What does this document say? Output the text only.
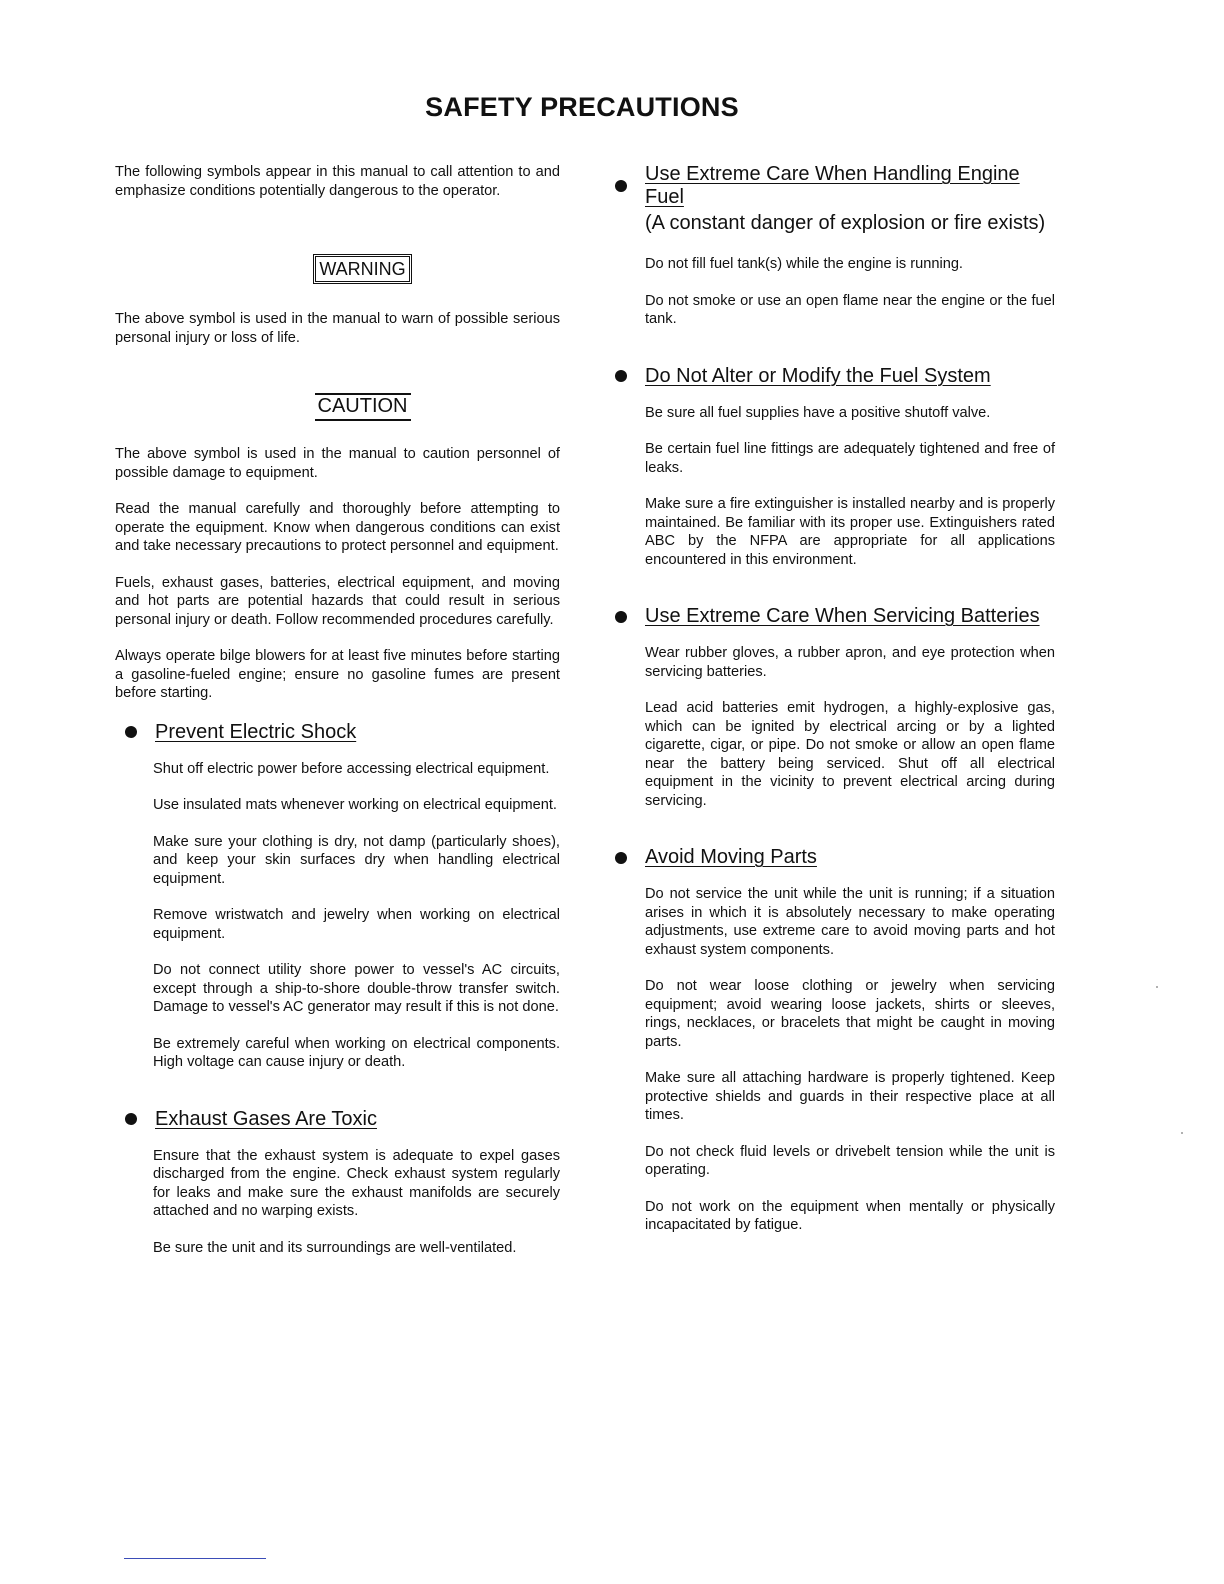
SAFETY PRECAUTIONS

The following symbols appear in this manual to call attention to and emphasize conditions potentially dangerous to the operator.

WARNING

The above symbol is used in the manual to warn of possible serious personal injury or loss of life.

CAUTION

The above symbol is used in the manual to caution personnel of possible damage to equipment.

Read the manual carefully and thoroughly before attempting to operate the equipment. Know when dangerous conditions can exist and take necessary precautions to protect personnel and equipment.

Fuels, exhaust gases, batteries, electrical equipment, and moving and hot parts are potential hazards that could result in serious personal injury or death. Follow recommended procedures carefully.

Always operate bilge blowers for at least five minutes before starting a gasoline-fueled engine; ensure no gasoline fumes are present before starting.

Prevent Electric Shock

Shut off electric power before accessing electrical equipment.

Use insulated mats whenever working on electrical equipment.

Make sure your clothing is dry, not damp (particularly shoes), and keep your skin surfaces dry when handling electrical equipment.

Remove wristwatch and jewelry when working on electrical equipment.

Do not connect utility shore power to vessel's AC circuits, except through a ship-to-shore double-throw transfer switch. Damage to vessel's AC generator may result if this is not done.

Be extremely careful when working on electrical components. High voltage can cause injury or death.

Exhaust Gases Are Toxic

Ensure that the exhaust system is adequate to expel gases discharged from the engine. Check exhaust system regularly for leaks and make sure the exhaust manifolds are securely attached and no warping exists.

Be sure the unit and its surroundings are well-ventilated.

Use Extreme Care When Handling Engine Fuel
(A constant danger of explosion or fire exists)

Do not fill fuel tank(s) while the engine is running.

Do not smoke or use an open flame near the engine or the fuel tank.

Do Not Alter or Modify the Fuel System

Be sure all fuel supplies have a positive shutoff valve.

Be certain fuel line fittings are adequately tightened and free of leaks.

Make sure a fire extinguisher is installed nearby and is properly maintained. Be familiar with its proper use. Extinguishers rated ABC by the NFPA are appropriate for all applications encountered in this environment.

Use Extreme Care When Servicing Batteries

Wear rubber gloves, a rubber apron, and eye protection when servicing batteries.

Lead acid batteries emit hydrogen, a highly-explosive gas, which can be ignited by electrical arcing or by a lighted cigarette, cigar, or pipe. Do not smoke or allow an open flame near the battery being serviced. Shut off all electrical equipment in the vicinity to prevent electrical arcing during servicing.

Avoid Moving Parts

Do not service the unit while the unit is running; if a situation arises in which it is absolutely necessary to make operating adjustments, use extreme care to avoid moving parts and hot exhaust system components.

Do not wear loose clothing or jewelry when servicing equipment; avoid wearing loose jackets, shirts or sleeves, rings, necklaces, or bracelets that might be caught in moving parts.

Make sure all attaching hardware is properly tightened. Keep protective shields and guards in their respective place at all times.

Do not check fluid levels or drivebelt tension while the unit is operating.

Do not work on the equipment when mentally or physically incapacitated by fatigue.
